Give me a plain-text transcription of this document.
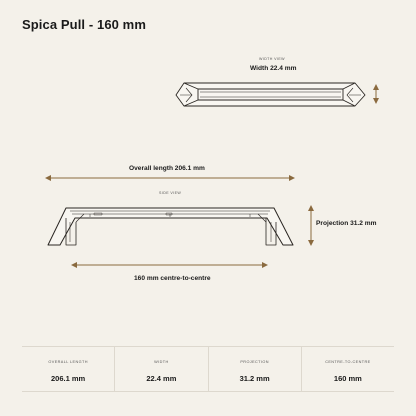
Spica Pull - 160 mm
WIDTH VIEW
Width 22.4 mm
Overall length 206.1 mm
SIDE VIEW
Projection 31.2 mm
160 mm centre-to-centre
OVERALL LENGTH
206.1 mm
WIDTH
22.4 mm
PROJECTION
31.2 mm
CENTRE-TO-CENTRE
160 mm
